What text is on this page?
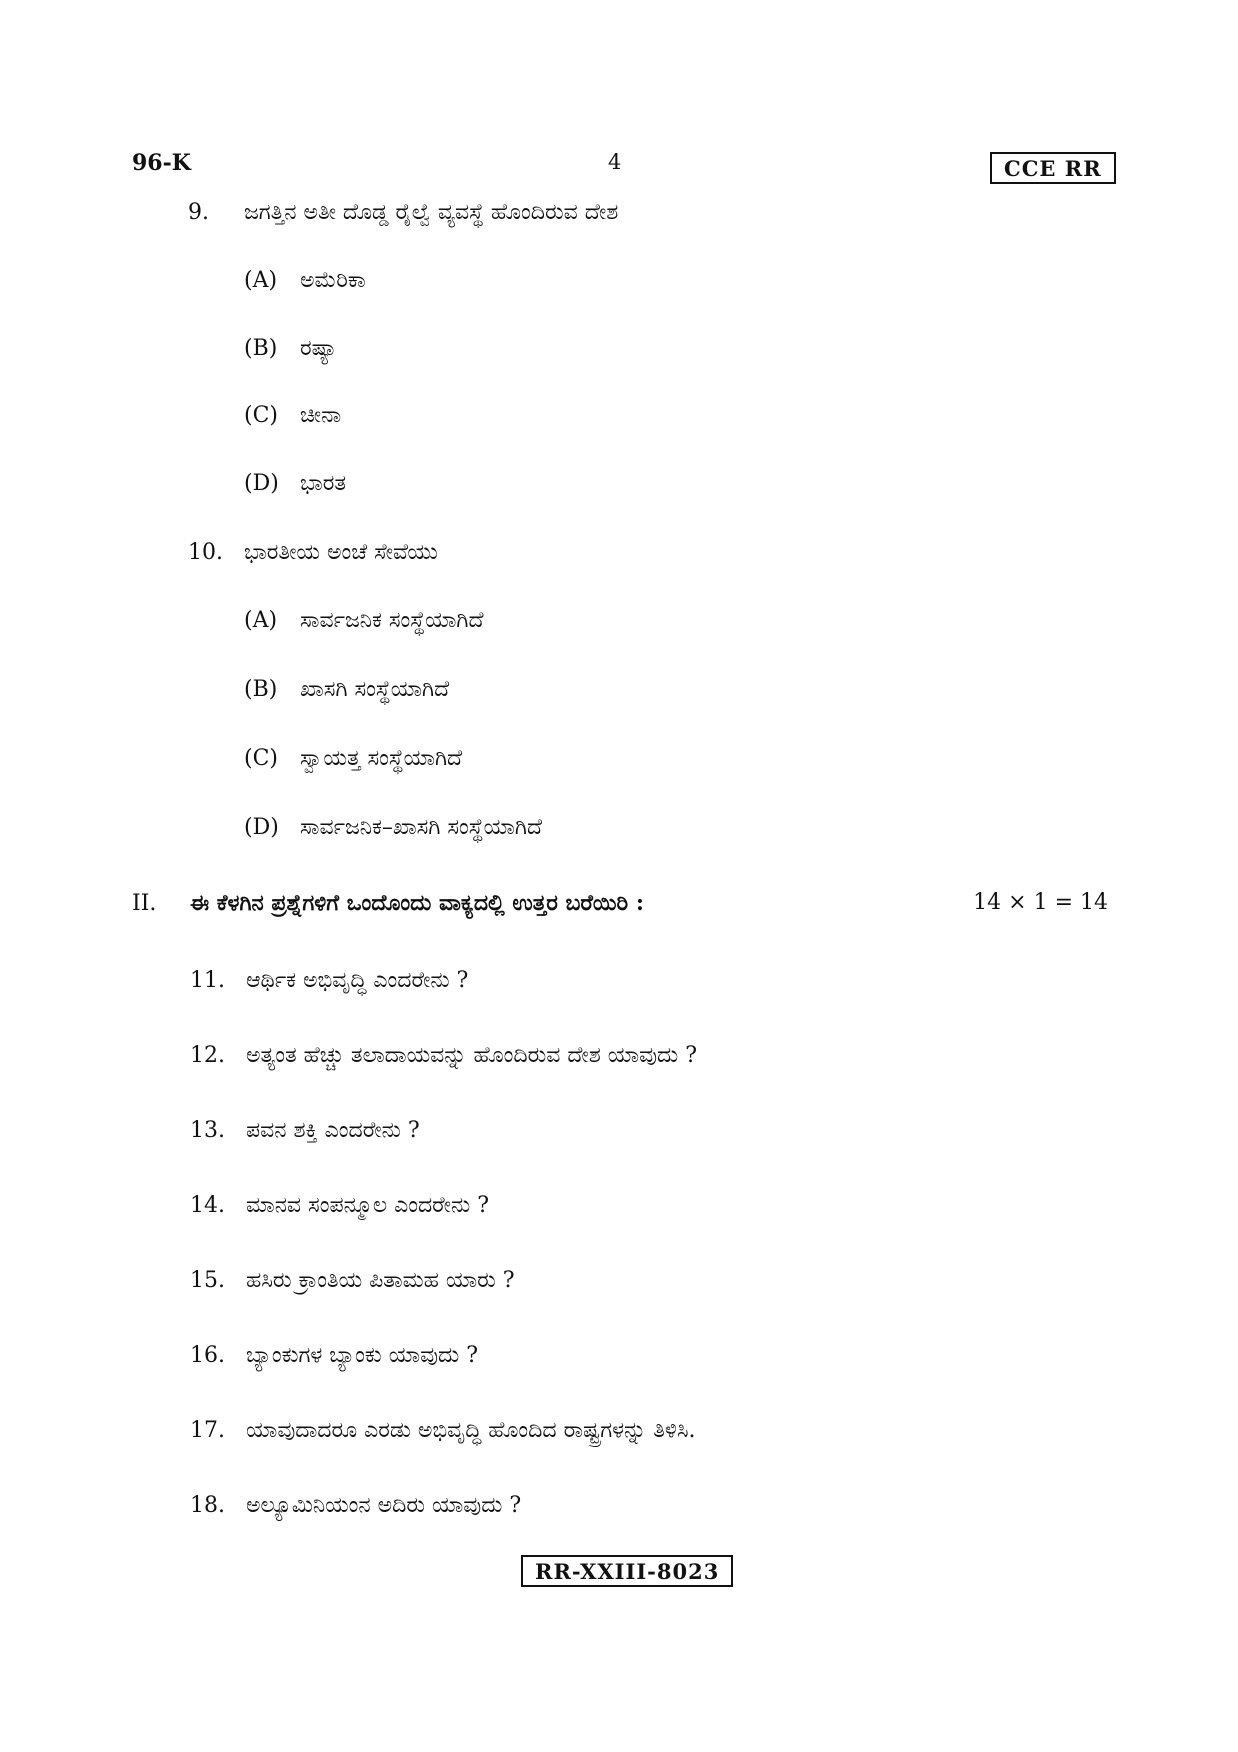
96-K	4	CCE RR
9. ಜಗತ್ತಿನ ಅತೀ ದೊಡ್ಡ ರೈಲ್ವೆ ವ್ಯವಸ್ಥೆ ಹೊಂದಿರುವ ದೇಶ
(A) ಅಮೆರಿಕಾ
(B) ರಷ್ಯಾ
(C) ಚೀನಾ
(D) ಭಾರತ
10. ಭಾರತೀಯ ಅಂಚೆ ಸೇವೆಯು
(A) ಸಾರ್ವಜನಿಕ ಸಂಸ್ಥೆಯಾಗಿದೆ
(B) ಖಾಸಗಿ ಸಂಸ್ಥೆಯಾಗಿದೆ
(C) ಸ್ವಾಯತ್ತ ಸಂಸ್ಥೆಯಾಗಿದೆ
(D) ಸಾರ್ವಜನಿಕ–ಖಾಸಗಿ ಸಂಸ್ಥೆಯಾಗಿದೆ
II. ಈ ಕೆಳಗಿನ ಪ್ರಶ್ನೆಗಳಿಗೆ ಒಂದೊಂದು ವಾಕ್ಯದಲ್ಲಿ ಉತ್ತರ ಬರೆಯಿರಿ :	14 × 1 = 14
11. ಆರ್ಥಿಕ ಅಭಿವೃದ್ಧಿ ಎಂದರೇನು ?
12. ಅತ್ಯಂತ ಹೆಚ್ಚು ತಲಾದಾಯವನ್ನು ಹೊಂದಿರುವ ದೇಶ ಯಾವುದು ?
13. ಪವನ ಶಕ್ತಿ ಎಂದರೇನು ?
14. ಮಾನವ ಸಂಪನ್ಮೂಲ ಎಂದರೇನು ?
15. ಹಸಿರು ಕ್ರಾಂತಿಯ ಪಿತಾಮಹ ಯಾರು ?
16. ಬ್ಯಾಂಕುಗಳ ಬ್ಯಾಂಕು ಯಾವುದು ?
17. ಯಾವುದಾದರೂ ಎರಡು ಅಭಿವೃದ್ಧಿ ಹೊಂದಿದ ರಾಷ್ಟ್ರಗಳನ್ನು ತಿಳಿಸಿ.
18. ಅಲ್ಯೂಮಿನಿಯಂನ ಅದಿರು ಯಾವುದು ?
RR-XXIII-8023
